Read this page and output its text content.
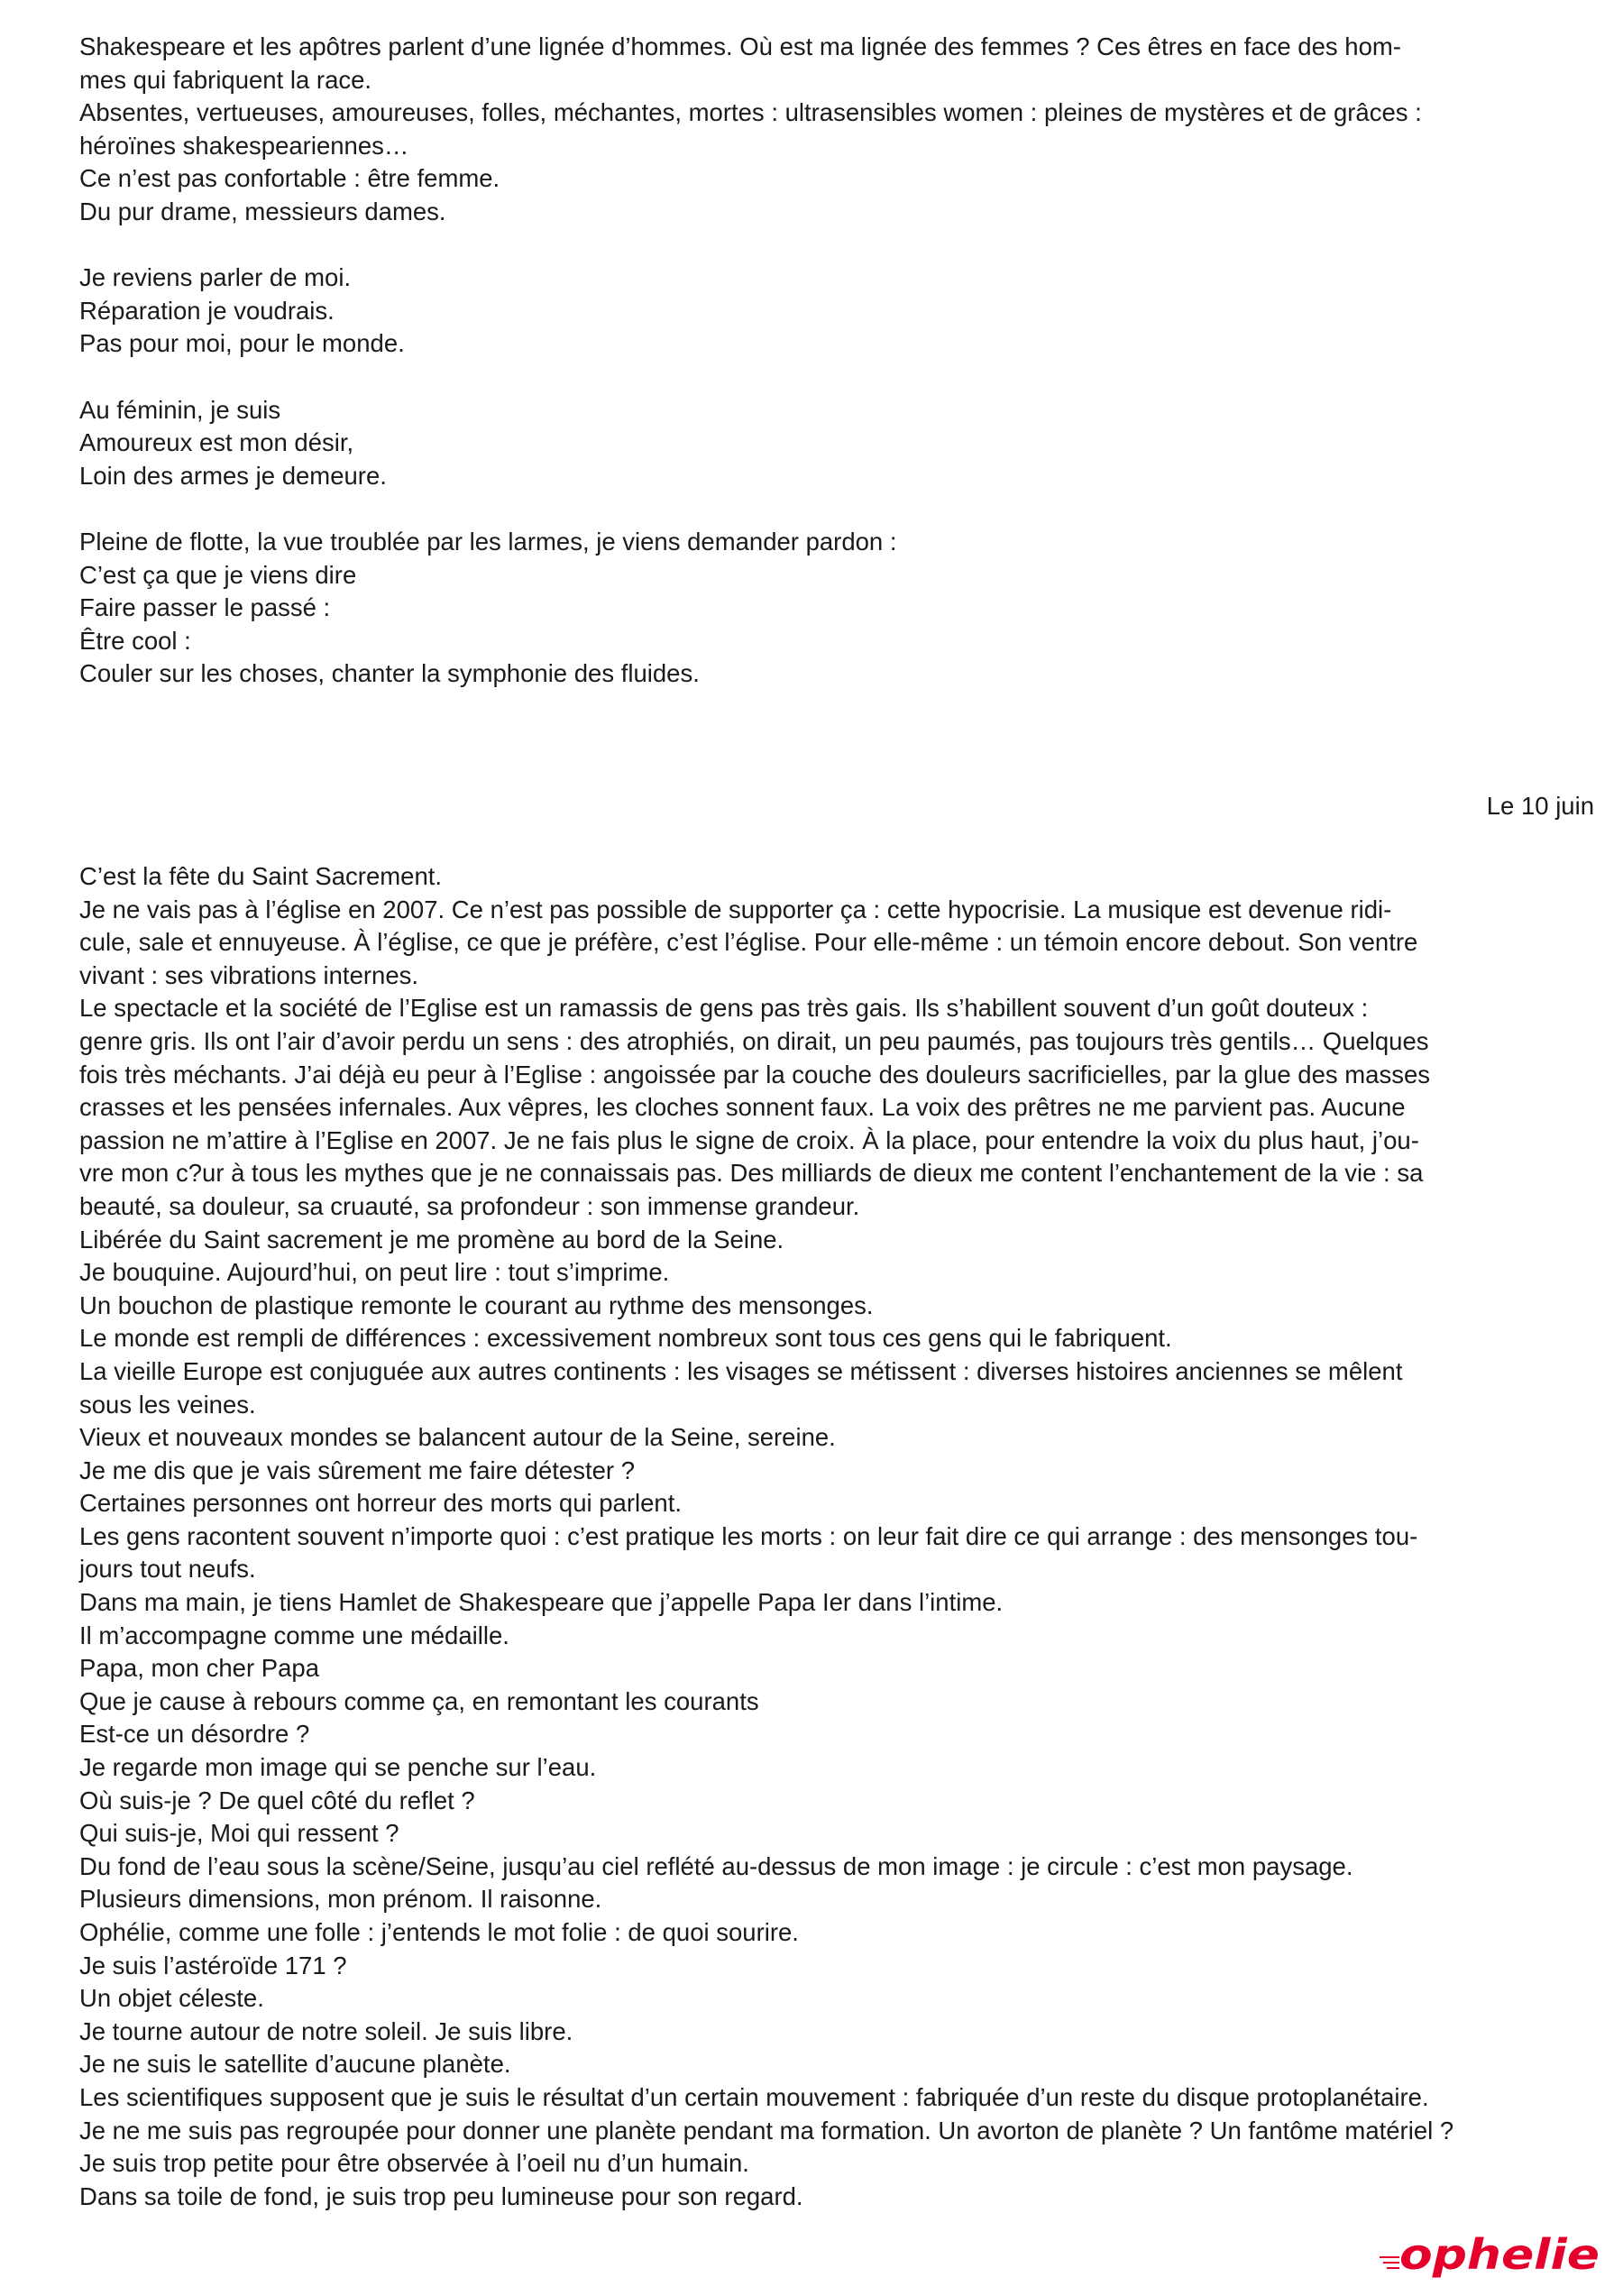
Shakespeare et les apôtres parlent d’une lignée d’hommes. Où est ma lignée des femmes ? Ces êtres en face des hom-
mes qui fabriquent la race.
Absentes, vertueuses, amoureuses, folles, méchantes, mortes : ultrasensibles women : pleines de mystères et de grâces :
héroïnes shakespeariennes…
Ce n’est pas confortable : être femme.
Du pur drame, messieurs dames.
Je reviens parler de moi.
Réparation je voudrais.
Pas pour moi, pour le monde.
Au féminin, je suis
Amoureux est mon désir,
Loin des armes je demeure.
Pleine de flotte, la vue troublée par les larmes, je viens demander pardon :
C’est ça que je viens dire
Faire passer le passé :
Être cool :
Couler sur les choses, chanter la symphonie des fluides.
Le 10 juin
C’est la fête du Saint Sacrement.
Je ne vais pas à l’église en 2007. Ce n’est pas possible de supporter ça : cette hypocrisie. La musique est devenue ridi-
cule, sale et ennuyeuse. À l’église, ce que je préfère, c’est l’église. Pour elle-même : un témoin encore debout. Son ventre
vivant : ses vibrations internes.
Le spectacle et la société de l’Eglise est un ramassis de gens pas très gais. Ils s’habillent souvent d’un goût douteux :
genre gris. Ils ont l’air d’avoir perdu un sens : des atrophiés, on dirait, un peu paumés, pas toujours très gentils… Quelques
fois très méchants. J’ai déjà eu peur à l’Eglise : angoissée par la couche des douleurs sacrificielles, par la glue des masses
crasses et les pensées infernales. Aux vêpres, les cloches sonnent faux. La voix des prêtres ne me parvient pas. Aucune
passion ne m’attire à l’Eglise en 2007. Je ne fais plus le signe de croix. À la place, pour entendre la voix du plus haut, j’ou-
vre mon c?ur à tous les mythes que je ne connaissais pas. Des milliards de dieux me content l’enchantement de la vie : sa
beauté, sa douleur, sa cruauté, sa profondeur : son immense grandeur.
Libérée du Saint sacrement je me promène au bord de la Seine.
Je bouquine. Aujourd’hui, on peut lire : tout s’imprime.
Un bouchon de plastique remonte le courant au rythme des mensonges.
Le monde est rempli de différences : excessivement nombreux sont tous ces gens qui le fabriquent.
La vieille Europe est conjuguée aux autres continents : les visages se métissent : diverses histoires anciennes se mêlent
sous les veines.
Vieux et nouveaux mondes se balancent autour de la Seine, sereine.
Je me dis que je vais sûrement me faire détester ?
Certaines personnes ont horreur des morts qui parlent.
Les gens racontent souvent n’importe quoi : c’est pratique les morts : on leur fait dire ce qui arrange : des mensonges tou-
jours tout neufs.
Dans ma main, je tiens Hamlet de Shakespeare que j’appelle Papa Ier dans l’intime.
Il m’accompagne comme une médaille.
Papa, mon cher Papa
Que je cause à rebours comme ça, en remontant les courants
Est-ce un désordre ?
Je regarde mon image qui se penche sur l’eau.
Où suis-je ? De quel côté du reflet ?
Qui suis-je, Moi qui ressent ?
Du fond de l’eau sous la scène/Seine, jusqu’au ciel reflété au-dessus de mon image : je circule : c’est mon paysage.
Plusieurs dimensions, mon prénom. Il raisonne.
Ophélie, comme une folle : j’entends le mot folie : de quoi sourire.
Je suis l’astéroïde 171 ?
Un objet céleste.
Je tourne autour de notre soleil. Je suis libre.
Je ne suis le satellite d’aucune planète.
Les scientifiques supposent que je suis le résultat d’un certain mouvement : fabriquée d’un reste du disque protoplanétaire.
Je ne me suis pas regroupée pour donner une planète pendant ma formation. Un avorton de planète ? Un fantôme matériel ?
Je suis trop petite pour être observée à l’oeil nu d’un humain.
Dans sa toile de fond, je suis trop peu lumineuse pour son regard.
ophelie
